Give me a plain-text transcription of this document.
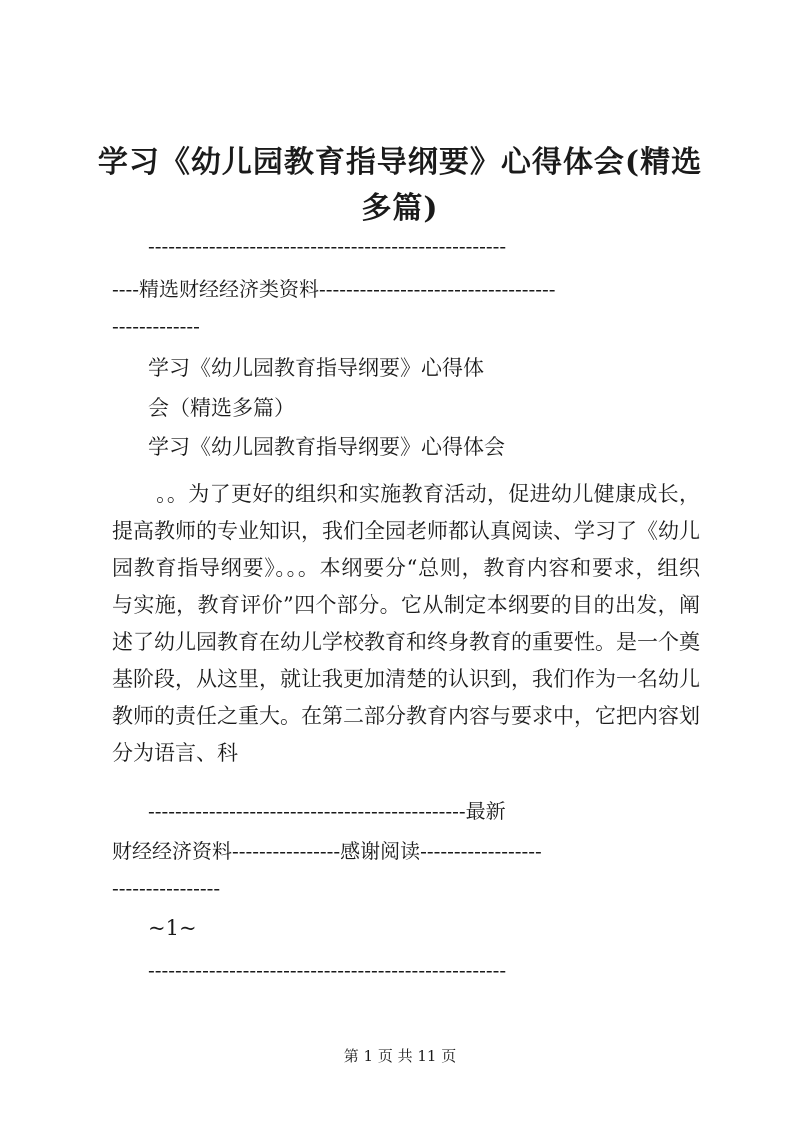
学习《幼儿园教育指导纲要》心得体会(精选
多篇)
-----------------------------------------------------
----精选财经经济类资料-----------------------------------
-------------
学习《幼儿园教育指导纲要》心得体
会（精选多篇）
学习《幼儿园教育指导纲要》心得体会
。。为了更好的组织和实施教育活动，促进幼儿健康成长，提高教师的专业知识，我们全园老师都认真阅读、学习了《幼儿园教育指导纲要》。。。本纲要分“总则，教育内容和要求，组织与实施，教育评价”四个部分。它从制定本纲要的目的出发，阐述了幼儿园教育在幼儿学校教育和终身教育的重要性。是一个奠基阶段，从这里，就让我更加清楚的认识到，我们作为一名幼儿教师的责任之重大。在第二部分教育内容与要求中，它把内容划分为语言、科
-----------------------------------------------最新
财经经济资料----------------感谢阅读------------------
----------------
~1~
-----------------------------------------------------
第 1 页 共 11 页
